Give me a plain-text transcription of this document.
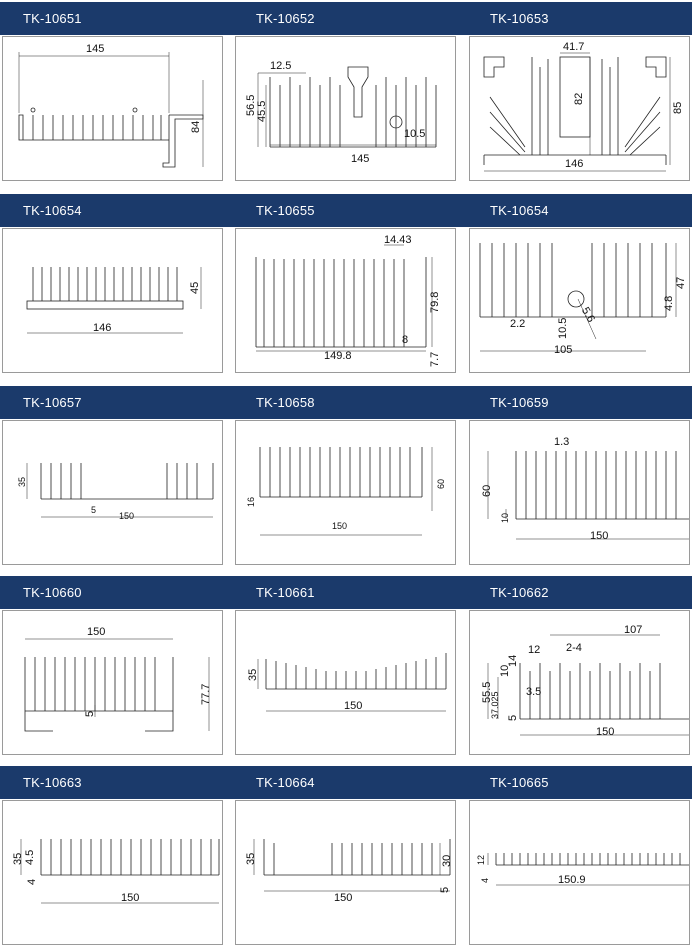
TK-10651	TK-10652	TK-10653
TK-10654	TK-10655	TK-10654
TK-10657	TK-10658	TK-10659
TK-10660	TK-10661	TK-10662
TK-10663	TK-10664	TK-10665
145
84
12.5
56.5 45.5
145
10.5
41.7
82
85
146
45
146
14.43
79.8
8
149.8	7.7
47
4.8
2.2	10.5
5.6
105
35
5
150
16
60
150
1.3
60
10
150
150
5
77.7
35
150
107
12 2-4
14
10
55.5
37.025 3.5
5
150
35 4.5
4
150
35	30
5
150
12
4	150.9
